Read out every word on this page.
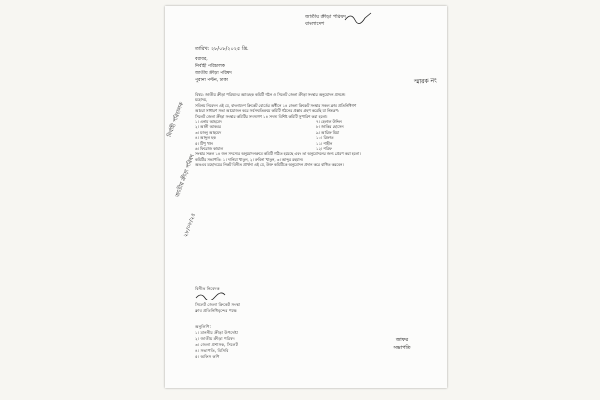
জাতীয় ক্রীড়া পরিষদ
বাংলাদেশ
নির্বাহী পরিচালক
জাতীয় ক্রীড়া পরিষদ
২৮/০৮/২৫
স্মারক নং
তারিখ: ২৮/০৮/২০২৫ খ্রি.
বরাবর,
নির্বাহী পরিচালক
জাতীয় ক্রীড়া পরিষদ
পুরানা পল্টন, ঢাকা
বিষয়: জাতীয় ক্রীড়া পরিষদের অ্যাডহক কমিটি গঠন ও সিলেট জেলা ক্রীড়া সংস্থার অনুমোদন প্রসঙ্গে।
মহোদয়,
সবিনয় নিবেদন এই যে, বাংলাদেশ ক্রিকেট বোর্ডের অধীনে ১৪ জেলা ক্রিকেট সংস্থার সকল ক্লাব প্রতিনিধিগণ
আমরা সাধারণ সভা আয়োজন করে সর্বসম্মতিক্রমে কমিটি গঠনের প্রস্তাব গ্রহণ করেছি যা নিম্নরূপ:
সিলেট জেলা ক্রীড়া সংস্থার কমিটির সদস্যগণ ১৪ সদস্য বিশিষ্ট কমিটি সুপারিশ করা হলো।
১। এনাম আহমেদ
২। আলী আকবর
৩। মজনু আহমেদ
৪। আব্দুল হক
৫। টিপু খান
৬। ফিরোজ কামাল
৭। হেলাল উদ্দিন
৮। জাকির হোসেন
৯। আরিফ মিয়া
১০। রিফাত
১১। শাহীন
১২। শরিফ
সংস্থার সকল ১৪ জন সদস্যের অনুমোদনক্রমে কমিটি গঠিত হয়েছে এবং তা অনুমোদনের জন্য প্রেরণ করা হলো।
কমিটির সভাপতি: ১। দানিয়া খাতুন, ২। রুবিনা খাতুন, ৩। আব্দুর রহমান।
অতএব মহোদয়ের নিকট বিনীত প্রার্থনা এই যে, উক্ত কমিটিকে অনুমোদন প্রদান করে বাধিত করবেন।
বিনীত নিবেদক
সিলেট জেলা ক্রিকেট সংস্থা
ক্লাব প্রতিনিধিবৃন্দের পক্ষে
অনুলিপি:
১। মাননীয় ক্রীড়া উপদেষ্টা
২। জাতীয় ক্রীড়া পরিষদ
৩। জেলা প্রশাসক, সিলেট
৪। সভাপতি, বিসিবি
৫। অফিস কপি
জাফর
সভাপতি
